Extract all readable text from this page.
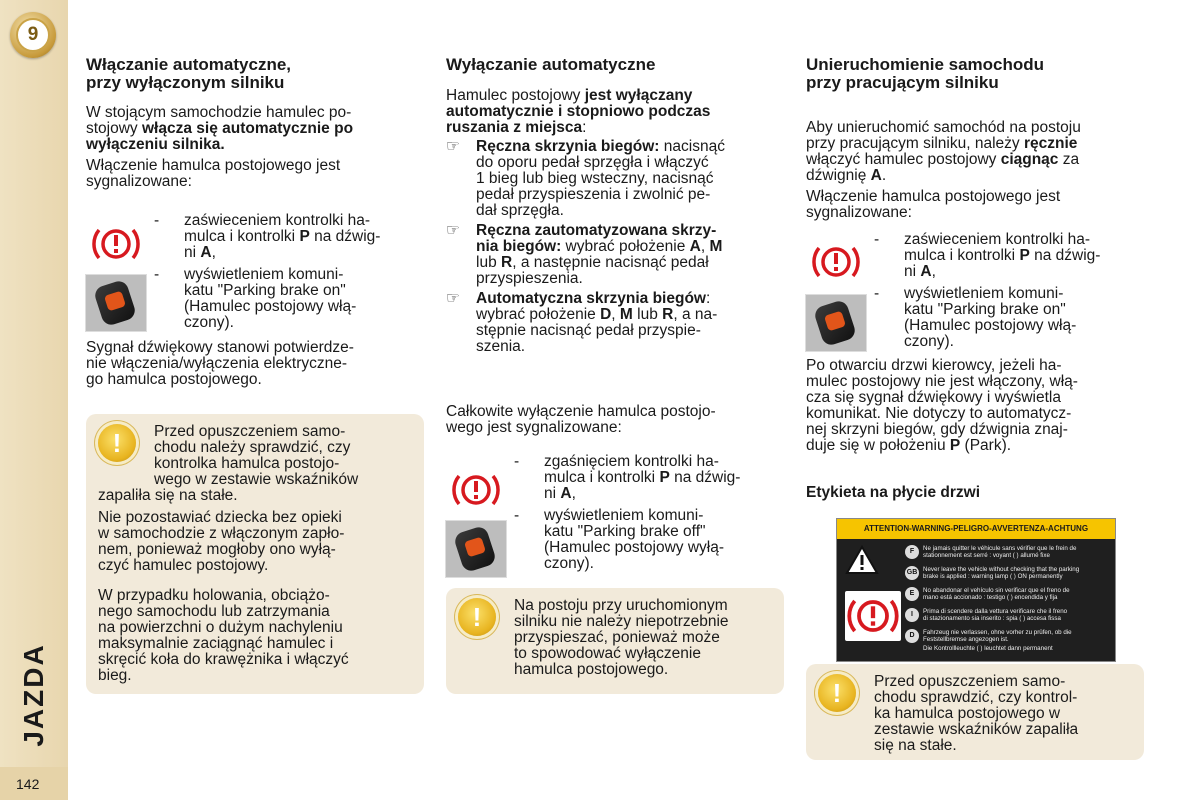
9
JAZDA
142
Włączanie automatyczne,
przy wyłączonym silniku

W stojącym samochodzie hamulec po-
stojowy włącza się automatycznie po
wyłączeniu silnika.

Włączenie hamulca postojowego jest
sygnalizowane:

- zaświeceniem kontrolki ha-
mulca i kontrolki P na dźwig-
ni A,
- wyświetleniem komuni-
katu "Parking brake on"
(Hamulec postojowy włą-
czony).

Sygnał dźwiękowy stanowi potwierdze-
nie włączenia/wyłączenia elektryczne-
go hamulca postojowego.

!	Przed opuszczeniem samo-
chodu należy sprawdzić, czy
kontrolka hamulca postojo-
wego w zestawie wskaźników

zapaliła się na stałe.

Nie pozostawiać dziecka bez opieki
w samochodzie z włączonym zapło-
nem, ponieważ mogłoby ono wyłą-
czyć hamulec postojowy.

W przypadku holowania, obciążo-
nego samochodu lub zatrzymania
na powierzchni o dużym nachyleniu
maksymalnie zaciągnąć hamulec i
skręcić koła do krawężnika i włączyć
bieg.

Wyłączanie automatyczne

Hamulec postojowy jest wyłączany
automatycznie i stopniowo podczas
ruszania z miejsca:

☞ Ręczna skrzynia biegów: nacisnąć
do oporu pedał sprzęgła i włączyć
1 bieg lub bieg wsteczny, nacisnąć
pedał przyspieszenia i zwolnić pe-
dał sprzęgła.
☞ Ręczna zautomatyzowana skrzy-
nia biegów: wybrać położenie A, M
lub R, a następnie nacisnąć pedał
przyspieszenia.
☞ Automatyczna skrzynia biegów:
wybrać położenie D, M lub R, a na-
stępnie nacisnąć pedał przyspie-
szenia.

Całkowite wyłączenie hamulca postojo-
wego jest sygnalizowane:

- zgaśnięciem kontrolki ha-
mulca i kontrolki P na dźwig-
ni A,
- wyświetleniem komuni-
katu "Parking brake off"
(Hamulec postojowy wyłą-
czony).
!	Na postoju przy uruchomionym
silniku nie należy niepotrzebnie
przyspieszać, ponieważ może
to spowodować wyłączenie
hamulca postojowego.

Unieruchomienie samochodu
przy pracującym silniku

Aby unieruchomić samochód na postoju
przy pracującym silniku, należy ręcznie
włączyć hamulec postojowy ciągnąc za
dźwignię A.

Włączenie hamulca postojowego jest
sygnalizowane:

- zaświeceniem kontrolki ha-
mulca i kontrolki P na dźwig-
ni A,
- wyświetleniem komuni-
katu "Parking brake on"
(Hamulec postojowy włą-
czony).

Po otwarciu drzwi kierowcy, jeżeli ha-
mulec postojowy nie jest włączony, włą-
cza się sygnał dźwiękowy i wyświetla
komunikat. Nie dotyczy to automatycz-
nej skrzyni biegów, gdy dźwignia znaj-
duje się w położeniu P (Park).

Etykieta na płycie drzwi
ATTENTION-WARNING-PELIGRO-AVVERTENZA-ACHTUNG
F	Ne jamais quitter le véhicule sans vérifier que le frein de
stationnement est serré : voyant ( ) allumé fixe
GB Never leave the vehicle without checking that the parking
brake is applied : warning lamp ( ) ON permanently
E	No abandonar el vehículo sin verificar que el freno de
mano está accionado : testigo ( ) encendida y fija
I	Prima di scendere dalla vettura verificare che il freno
di stazionamento sia inserito : spia ( ) accesa fissa
D	Fahrzeug nie verlassen, ohne vorher zu prüfen, ob die
Feststellbremse angezogen ist.
Die Kontrollleuchte ( ) leuchtet dann permanent
!	Przed opuszczeniem samo-
chodu sprawdzić, czy kontrol-
ka hamulca postojowego w
zestawie wskaźników zapaliła
się na stałe.
